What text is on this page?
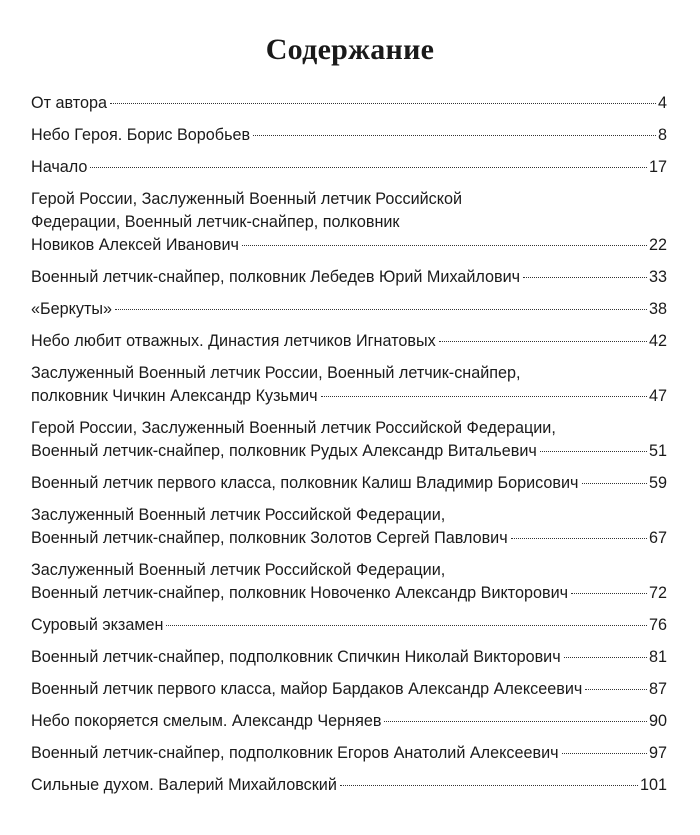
Содержание
От автора	4
Небо Героя. Борис Воробьев	8
Начало	17
Герой России, Заслуженный Военный летчик Российской
Федерации, Военный летчик-снайпер, полковник
Новиков Алексей Иванович	22
Военный летчик-снайпер, полковник Лебедев Юрий Михайлович	33
«Беркуты»	38
Небо любит отважных. Династия летчиков Игнатовых	42
Заслуженный Военный летчик России, Военный летчик-снайпер,
полковник Чичкин Александр Кузьмич	47
Герой России, Заслуженный Военный летчик Российской Федерации,
Военный летчик-снайпер, полковник Рудых Александр Витальевич	51
Военный летчик первого класса, полковник Калиш Владимир Борисович	59
Заслуженный Военный летчик Российской Федерации,
Военный летчик-снайпер, полковник Золотов Сергей Павлович	67
Заслуженный Военный летчик Российской Федерации,
Военный летчик-снайпер, полковник Новоченко Александр Викторович	72
Суровый экзамен	76
Военный летчик-снайпер, подполковник Спичкин Николай Викторович	81
Военный летчик первого класса, майор Бардаков Александр Алексеевич	87
Небо покоряется смелым. Александр Черняев	90
Военный летчик-снайпер, подполковник Егоров Анатолий Алексеевич	97
Сильные духом. Валерий Михайловский	101
